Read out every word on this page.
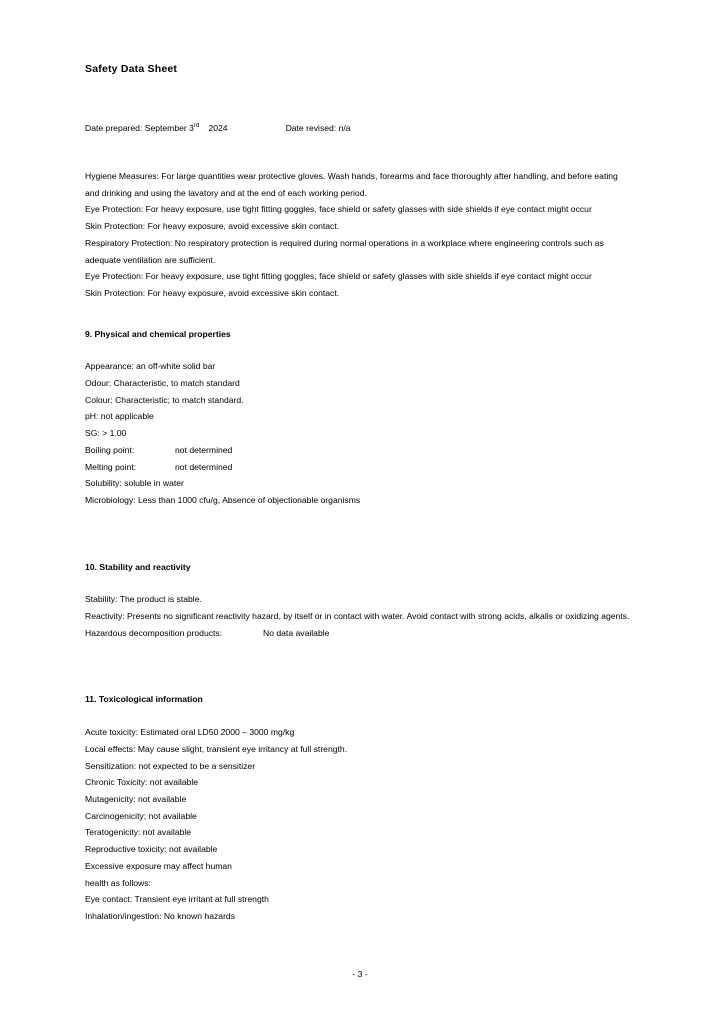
Safety Data Sheet
Date prepared: September 3rd 2024	Date revised: n/a

Hygiene Measures: For large quantities wear protective gloves. Wash hands, forearms and face thoroughly after handling, and before eating and drinking and using the lavatory and at the end of each working period.

Eye Protection: For heavy exposure, use tight fitting goggles, face shield or safety glasses with side shields if eye contact might occur

Skin Protection: For heavy exposure, avoid excessive skin contact.

Respiratory Protection: No respiratory protection is required during normal operations in a workplace where engineering controls such as adequate ventilation are sufficient.

Eye Protection: For heavy exposure, use tight fitting goggles, face shield or safety glasses with side shields if eye contact might occur

Skin Protection: For heavy exposure, avoid excessive skin contact.

9. Physical and chemical properties

Appearance: an off-white solid bar

Odour: Characteristic, to match standard

Colour: Characteristic; to match standard.

pH: not applicable

SG: > 1.00

Boiling point:	not determined
Melting point:	not determined

Solubility: soluble in water

Microbiology: Less than 1000 cfu/g, Absence of objectionable organisms

10. Stability and reactivity

Stability: The product is stable.

Reactivity: Presents no significant reactivity hazard, by itself or in contact with water. Avoid contact with strong acids, alkalis or oxidizing agents.

Hazardous decomposition products:	No data available
11. Toxicological information

Acute toxicity: Estimated oral LD50 2000 – 3000 mg/kg

Local effects: May cause slight, transient eye irritancy at full strength.

Sensitization: not expected to be a sensitizer

Chronic Toxicity: not available

Mutagenicity: not available

Carcinogenicity; not available

Teratogenicity: not available

Reproductive toxicity: not available

Excessive exposure may affect human

health as follows:

Eye contact: Transient eye irritant at full strength

Inhalation/ingestion: No known hazards

- 3 -
